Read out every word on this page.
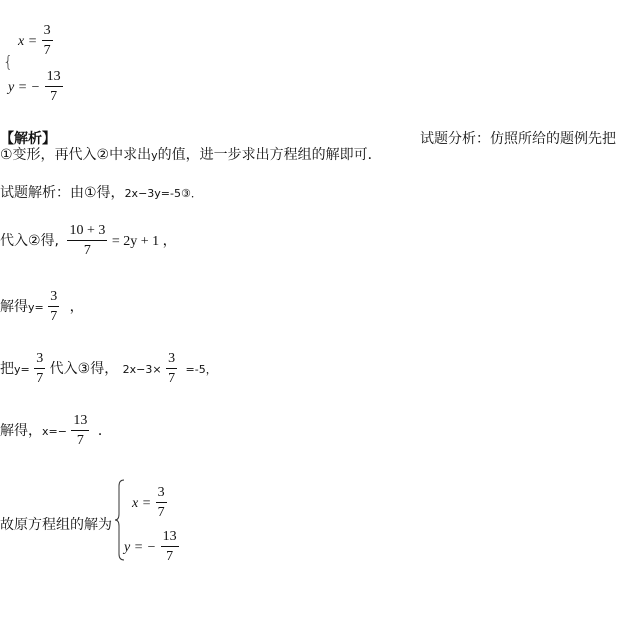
{
$x = \frac{3}{7}$
y = − $\frac{13}{7}$
【解析】	试题分析：仿照所给的题例先把
①变形，再代入②中求出y的值，进一步求出方程组的解即可．
试题解析：由①得，2x−3y=-5③．
代入②得, $\frac{10 + 3}{7} = 2y + 1$ ，
解得$y= \frac{3}{7}$ ，
把$y= \frac{3}{7}$ 代入③得， $2x-3\times \frac{3}{7} =-5$，
解得，$x=- \frac{13}{7}$ ．
故原方程组的解为
$x = \frac{3}{7}$
y = − $\frac{13}{7}$
